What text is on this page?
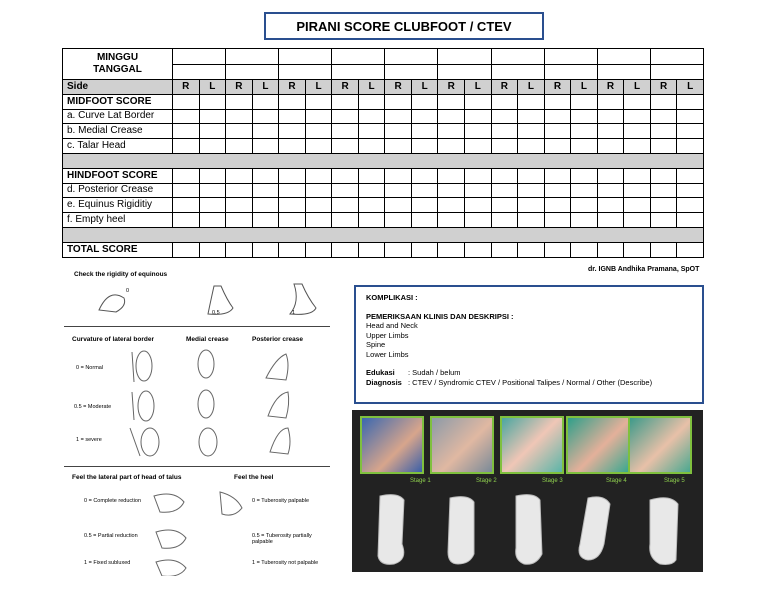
PIRANI SCORE CLUBFOOT / CTEV
MINGGU
TANGGAL																				

Side	R	L	R	L	R	L	R	L	R	L	R	L	R	L	R	L	R	L	R	L
MIDFOOT SCORE																				
a. Curve Lat Border																				
b. Medial Crease																				
c. Talar Head																				

HINDFOOT SCORE																				
d. Posterior Crease																				
e. Equinus Rigiditiy																				
f. Empty heel																				

TOTAL SCORE																				
dr. IGNB Andhika Pramana, SpOT
Check the rigidity of equinous
0
0.5	1
Curvature of lateral border	Medial crease	Posterior crease
0 = Normal
0.5 = Moderate
1 = severe
Feel the lateral part of head of talus	Feel the heel
0 = Complete reduction
0.5 = Partial reduction
1 = Fixed subluxed
0 = Tuberosity palpable
0.5 = Tuberosity partially palpable
1 = Tuberosity not palpable
KOMPLIKASI :
PEMERIKSAAN KLINIS DAN DESKRIPSI :
Head and Neck
Upper Limbs
Spine
Lower Limbs
Edukasi : Sudah / belum
Diagnosis : CTEV / Syndromic CTEV / Positional Talipes / Normal / Other (Describe)
Stage 1	Stage 2	Stage 3	Stage 4	Stage 5
